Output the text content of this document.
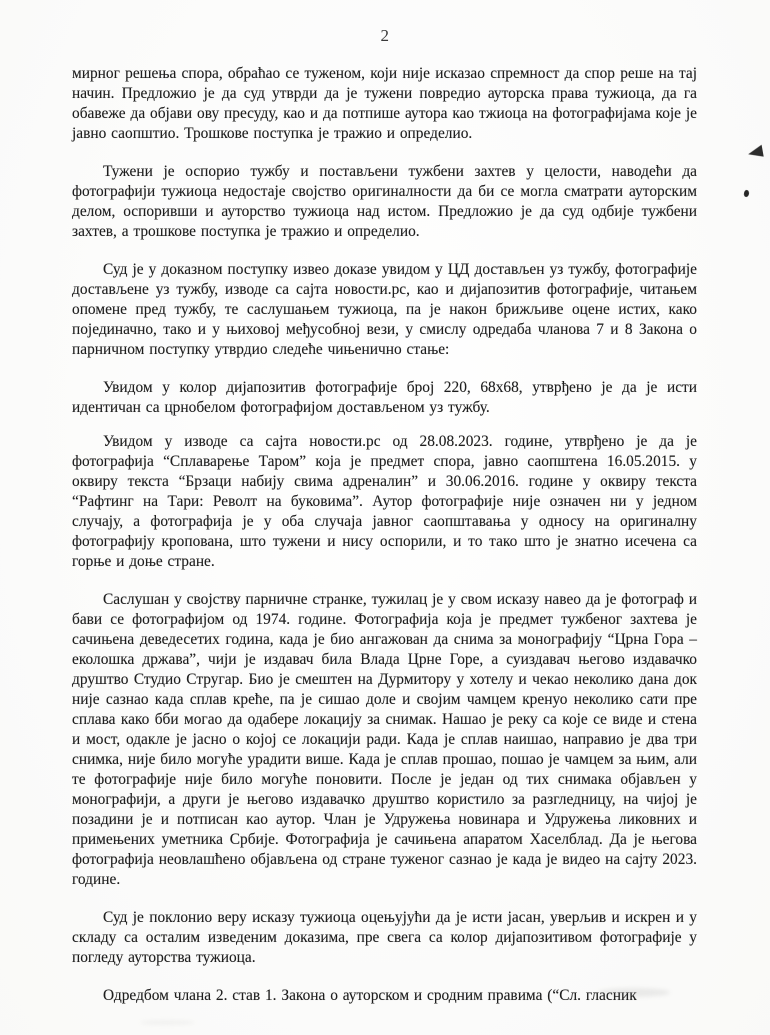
2

мирног решења спора, обраћао се туженом, који није исказао спремност да спор реше на тај начин. Предложио је да суд утврди да је тужени повредио ауторска права тужиоца, да га обавеже да објави ову пресуду, као и да потпише аутора као тжиоца на фотографијама које је јавно саопштио. Трошкове поступка је тражио и определио.

Тужени је оспорио тужбу и постављени тужбени захтев у целости, наводећи да фотографији тужиоца недостаје својство оригиналности да би се могла сматрати ауторским делом, оспоривши и ауторство тужиоца над истом. Предложио је да суд одбије тужбени захтев, а трошкове поступка је тражио и определио.

Суд је у доказном поступку извео доказе увидом у ЦД достављен уз тужбу, фотографије достављене уз тужбу, изводе са сајта новости.рс, као и дијапозитив фотографије, читањем опомене пред тужбу, те саслушањем тужиоца, па је након брижљиве оцене истих, како појединачно, тако и у њиховој међусобној вези, у смислу одредаба чланова 7 и 8 Закона о парничном поступку утврдио следеће чињенично стање:

Увидом у колор дијапозитив фотографије број 220, 68х68, утврђено је да је исти идентичан са црнобелом фотографијом достављеном уз тужбу.

Увидом у изводе са сајта новости.рс од 28.08.2023. године, утврђено је да је фотографија “Сплаварење Таром” која је предмет спора, јавно саопштена 16.05.2015. у оквиру текста “Брзаци набију свима адреналин” и 30.06.2016. године у оквиру текста “Рафтинг на Тари: Револт на буковима”. Аутор фотографије није означен ни у једном случају, а фотографија је у оба случаја јавног саопштавања у односу на оригиналну фотографију кропована, што тужени и нису оспорили, и то тако што је знатно исечена са горње и доње стране.

Саслушан у својству парничне странке, тужилац је у свом исказу навео да је фотограф и бави се фотографијом од 1974. године. Фотографија која је предмет тужбеног захтева је сачињена деведесетих година, када је био ангажован да снима за монографију “Црна Гора – еколошка држава”, чији је издавач била Влада Црне Горе, а суиздавач његово издавачко друштво Студио Стругар. Био је смештен на Дурмитору у хотелу и чекао неколико дана док није сазнао када сплав креће, па је сишао доле и својим чамцем кренуо неколико сати пре сплава како бби могао да одабере локацију за снимак. Нашао је реку са које се виде и стена и мост, одакле је јасно о којој се локацији ради. Када је сплав наишао, направио је два три снимка, није било могуће урадити више. Када је сплав прошао, пошао је чамцем за њим, али те фотографије није било могуће поновити. После је један од тих снимака објављен у монографији, а други је његово издавачко друштво користило за разгледницу, на чијој је позадини је и потписан као аутор. Члан је Удружења новинара и Удружења ликовних и примењених уметника Србије. Фотографија је сачињена апаратом Хаселблад. Да је његова фотографија неовлашћено објављена од стране туженог сазнао је када је видео на сајту 2023. године.

Суд је поклонио веру исказу тужиоца оцењујући да је исти јасан, уверљив и искрен и у складу са осталим изведеним доказима, пре свега са колор дијапозитивом фотографије у погледу ауторства тужиоца.

Одредбом члана 2. став 1. Закона о ауторском и сродним правима (“Сл. гласник
